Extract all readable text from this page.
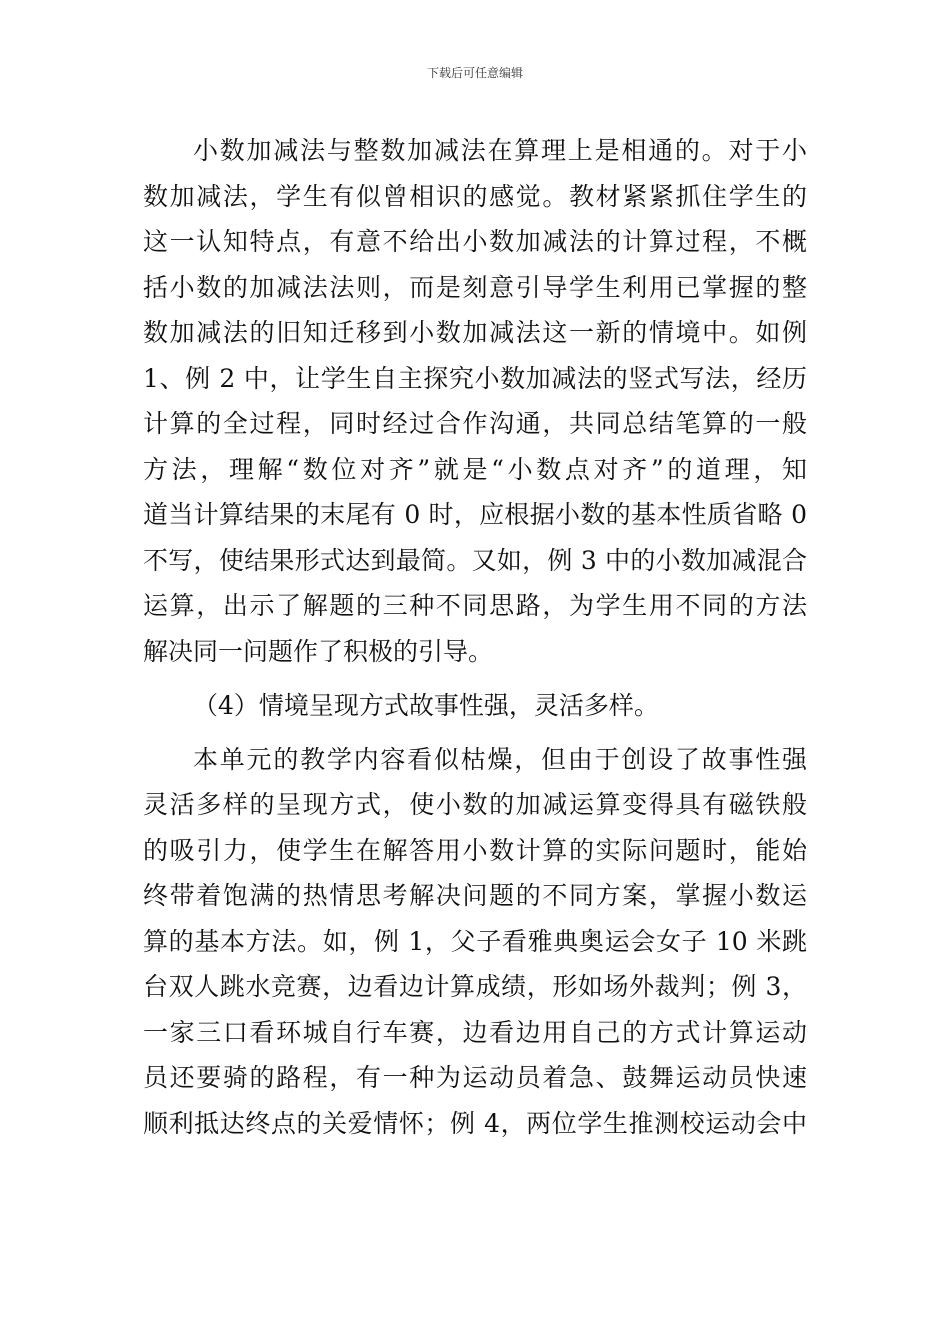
下载后可任意编辑
小数加减法与整数加减法在算理上是相通的。对于小
数加减法，学生有似曾相识的感觉。教材紧紧抓住学生的
这一认知特点，有意不给出小数加减法的计算过程，不概
括小数的加减法法则，而是刻意引导学生利用已掌握的整
数加减法的旧知迁移到小数加减法这一新的情境中。如例
1、例 2 中，让学生自主探究小数加减法的竖式写法，经历
计算的全过程，同时经过合作沟通，共同总结笔算的一般
方法，理解“数位对齐”就是“小数点对齐”的道理，知
道当计算结果的末尾有 0 时，应根据小数的基本性质省略 0
不写，使结果形式达到最简。又如，例 3 中的小数加减混合
运算，出示了解题的三种不同思路，为学生用不同的方法
解决同一问题作了积极的引导。
（4）情境呈现方式故事性强，灵活多样。
本单元的教学内容看似枯燥，但由于创设了故事性强
灵活多样的呈现方式，使小数的加减运算变得具有磁铁般
的吸引力，使学生在解答用小数计算的实际问题时，能始
终带着饱满的热情思考解决问题的不同方案，掌握小数运
算的基本方法。如，例 1，父子看雅典奥运会女子 10 米跳
台双人跳水竞赛，边看边计算成绩，形如场外裁判；例 3，
一家三口看环城自行车赛，边看边用自己的方式计算运动
员还要骑的路程，有一种为运动员着急、鼓舞运动员快速
顺利抵达终点的关爱情怀；例 4，两位学生推测校运动会中
